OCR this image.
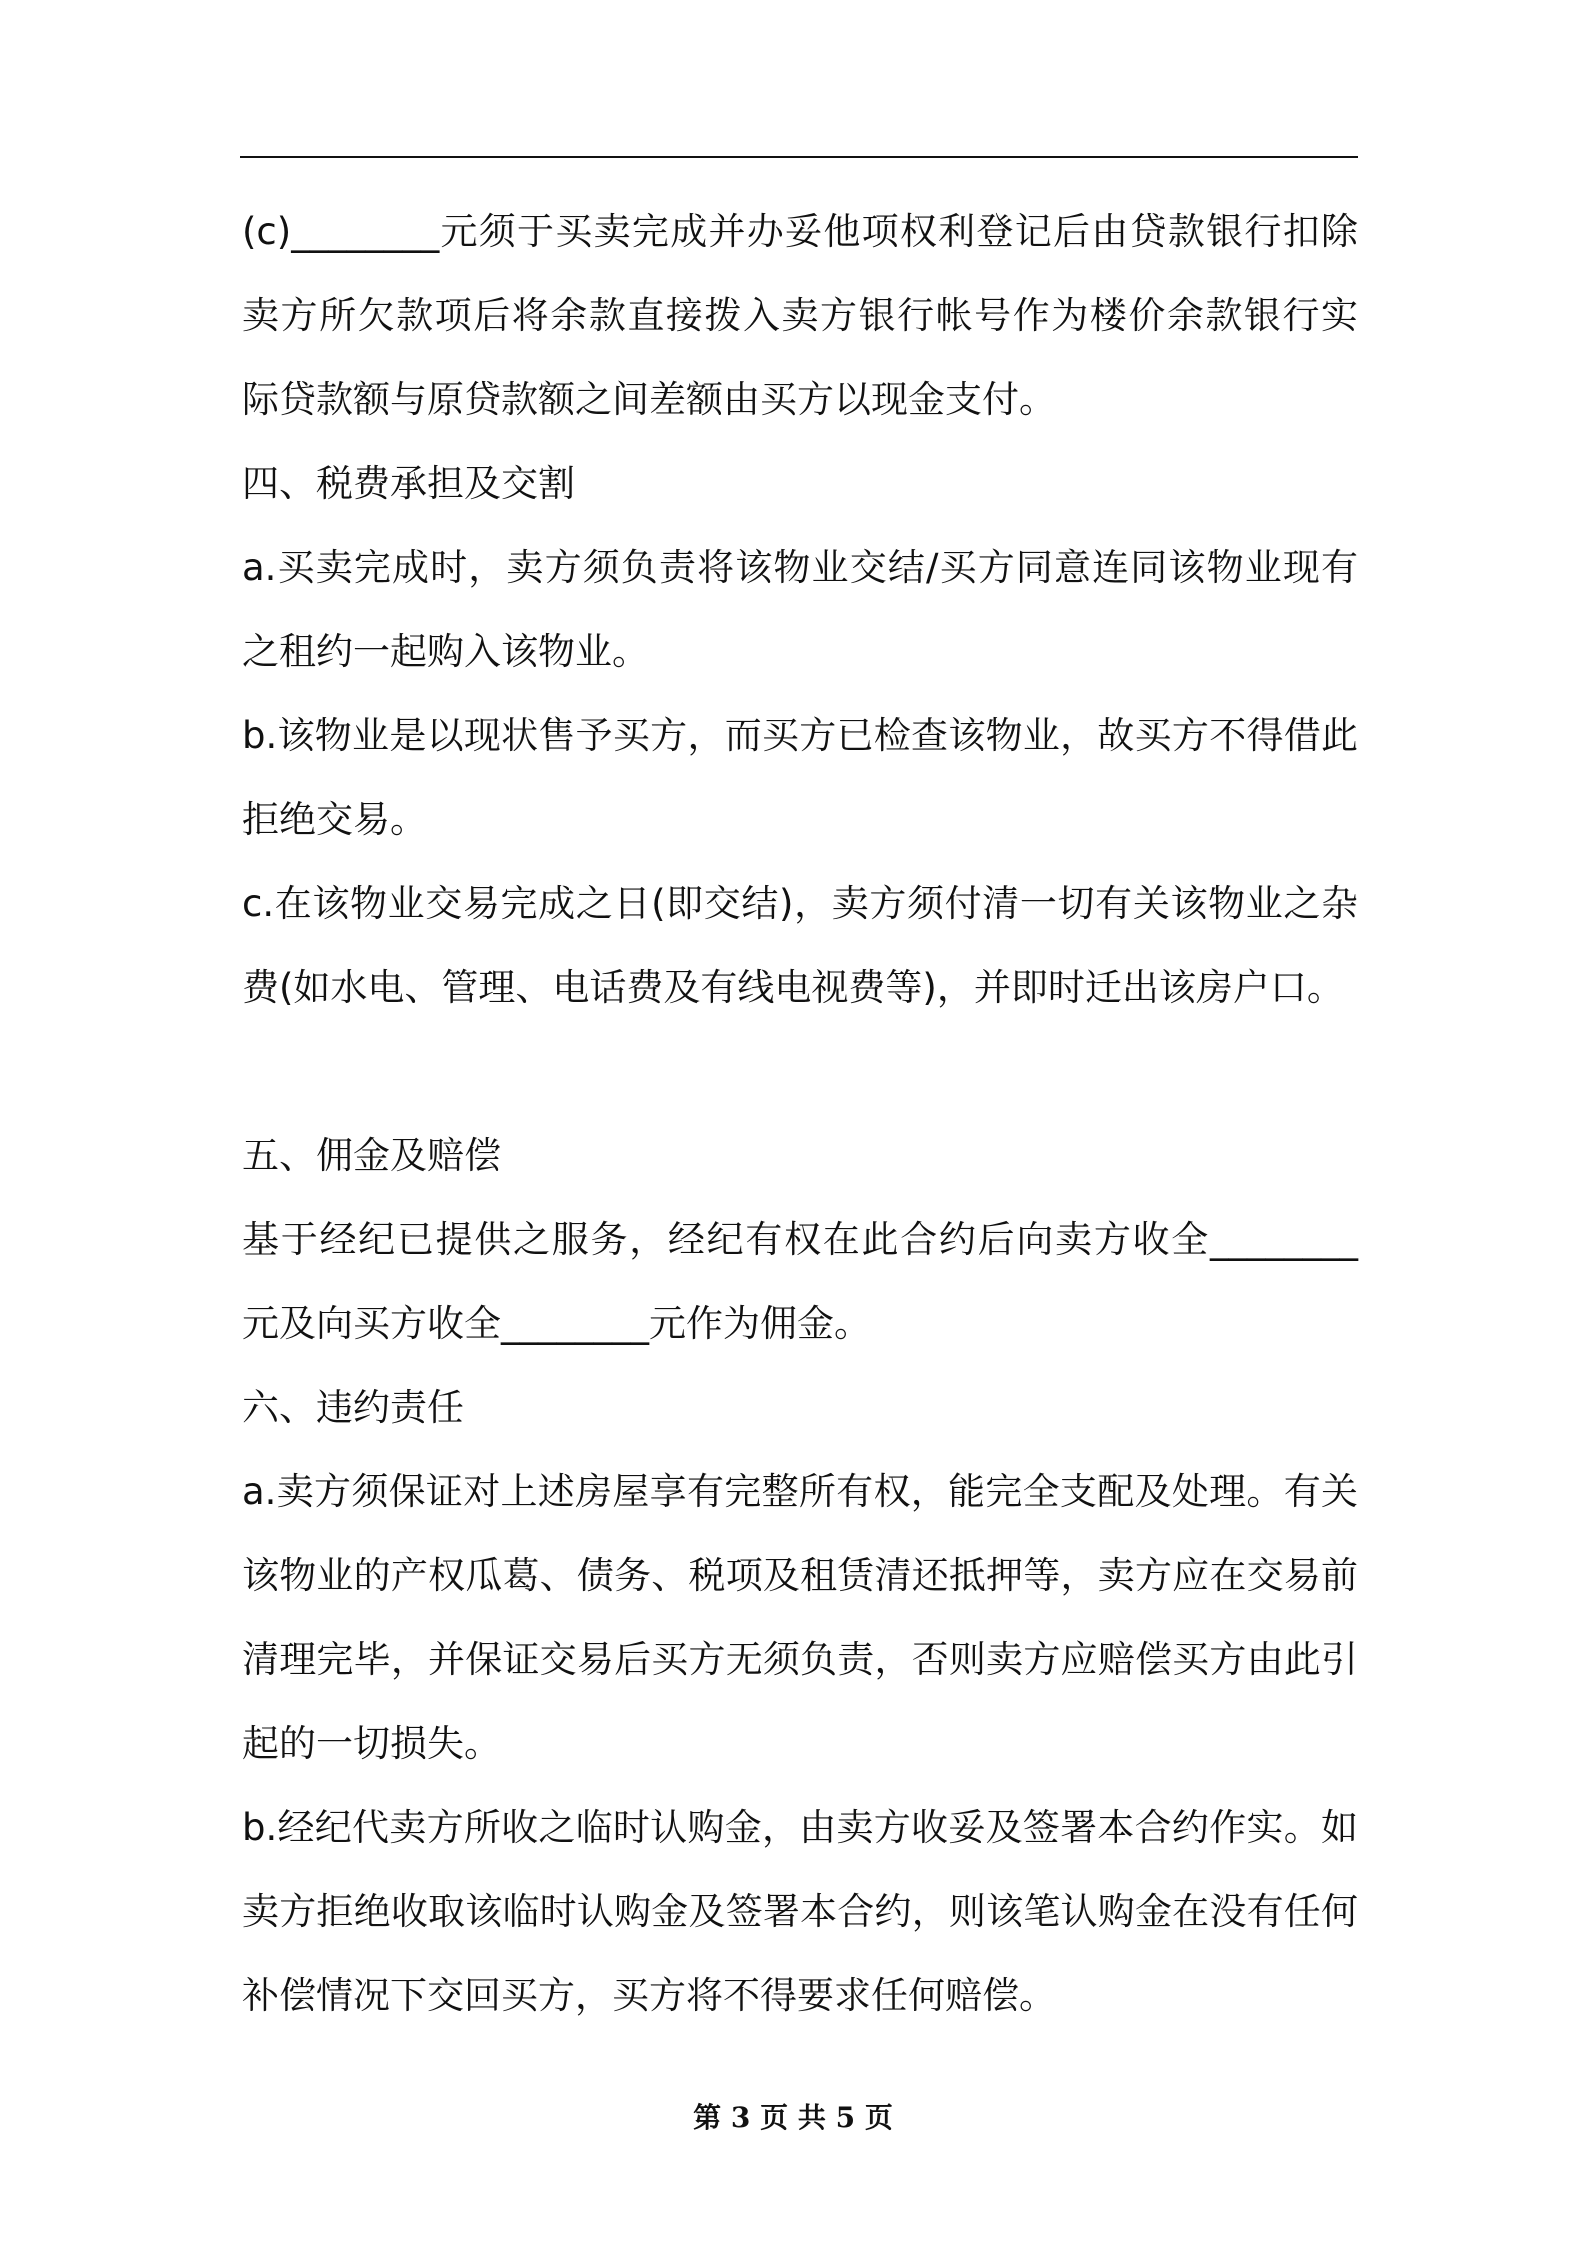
(c)________元须于买卖完成并办妥他项权利登记后由贷款银行扣除
卖方所欠款项后将余款直接拨入卖方银行帐号作为楼价余款银行实
际贷款额与原贷款额之间差额由买方以现金支付。
四、税费承担及交割
a.买卖完成时，卖方须负责将该物业交结/买方同意连同该物业现有
之租约一起购入该物业。
b.该物业是以现状售予买方，而买方已检查该物业，故买方不得借此
拒绝交易。
c.在该物业交易完成之日(即交结)，卖方须付清一切有关该物业之杂
费(如水电、管理、电话费及有线电视费等)，并即时迁出该房户口。
五、佣金及赔偿
基于经纪已提供之服务，经纪有权在此合约后向卖方收全________
元及向买方收全________元作为佣金。
六、违约责任
a.卖方须保证对上述房屋享有完整所有权，能完全支配及处理。有关
该物业的产权瓜葛、债务、税项及租赁清还抵押等，卖方应在交易前
清理完毕，并保证交易后买方无须负责，否则卖方应赔偿买方由此引
起的一切损失。
b.经纪代卖方所收之临时认购金，由卖方收妥及签署本合约作实。如
卖方拒绝收取该临时认购金及签署本合约，则该笔认购金在没有任何
补偿情况下交回买方，买方将不得要求任何赔偿。
第 3 页 共 5 页
